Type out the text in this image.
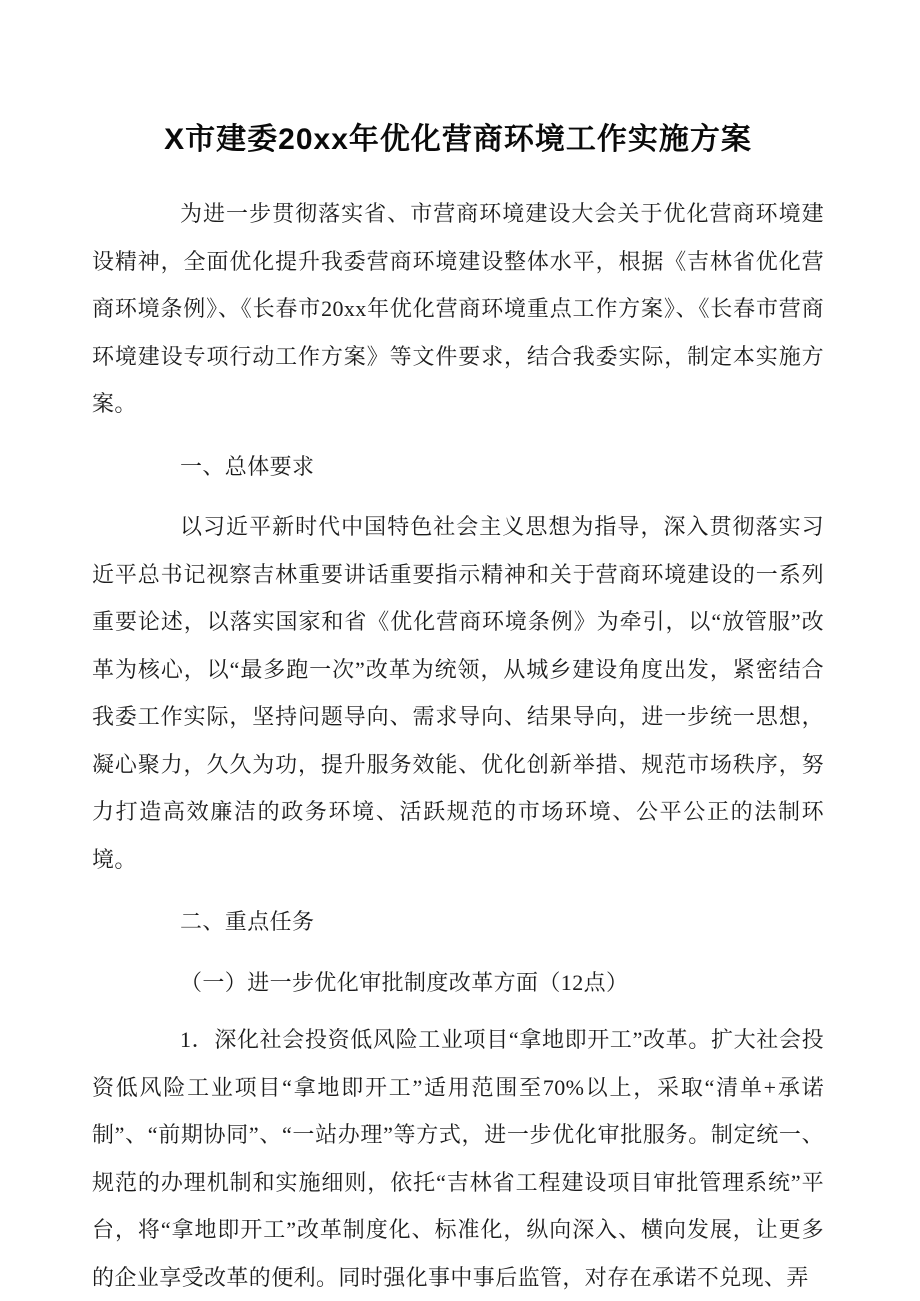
X市建委20xx年优化营商环境工作实施方案

为进一步贯彻落实省、市营商环境建设大会关于优化营商环境建设精神，全面优化提升我委营商环境建设整体水平，根据《吉林省优化营商环境条例》、《长春市20xx年优化营商环境重点工作方案》、《长春市营商环境建设专项行动工作方案》等文件要求，结合我委实际，制定本实施方案。

一、总体要求

以习近平新时代中国特色社会主义思想为指导，深入贯彻落实习近平总书记视察吉林重要讲话重要指示精神和关于营商环境建设的一系列重要论述，以落实国家和省《优化营商环境条例》为牵引，以“放管服”改革为核心，以“最多跑一次”改革为统领，从城乡建设角度出发，紧密结合我委工作实际，坚持问题导向、需求导向、结果导向，进一步统一思想，凝心聚力，久久为功，提升服务效能、优化创新举措、规范市场秩序，努力打造高效廉洁的政务环境、活跃规范的市场环境、公平公正的法制环境。

二、重点任务

（一）进一步优化审批制度改革方面（12点）

1．深化社会投资低风险工业项目“拿地即开工”改革。扩大社会投资低风险工业项目“拿地即开工”适用范围至70%以上，采取“清单+承诺制”、“前期协同”、“一站办理”等方式，进一步优化审批服务。制定统一、规范的办理机制和实施细则，依托“吉林省工程建设项目审批管理系统”平台，将“拿地即开工”改革制度化、标准化，纵向深入、横向发展，让更多的企业享受改革的便利。同时强化事中事后监管，对存在承诺不兑现、弄
